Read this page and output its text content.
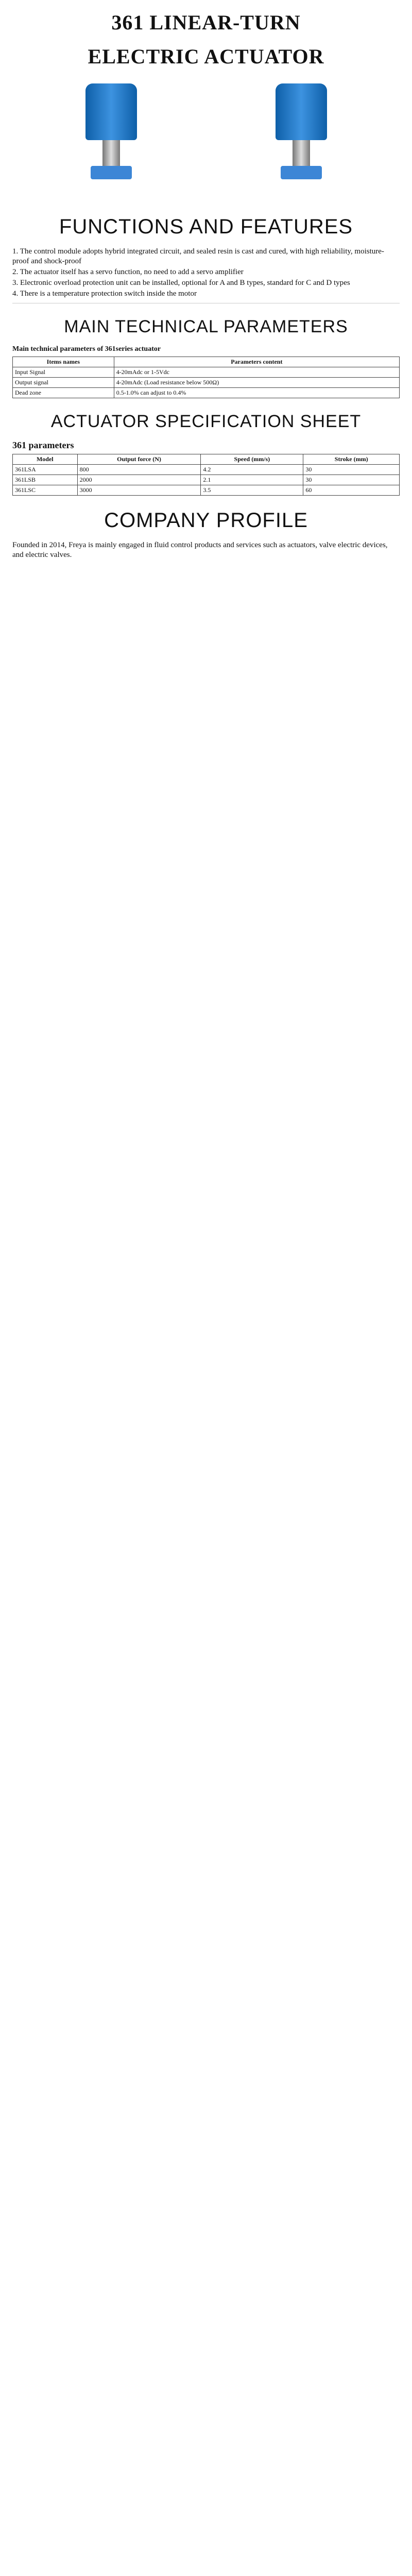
361 LINEAR-TURN
ELECTRIC ACTUATOR
FUNCTIONS AND FEATURES

1. The control module adopts hybrid integrated circuit, and sealed resin is cast and cured, with high reliability, moisture-proof and shock-proof

2. The actuator itself has a servo function, no need to add a servo amplifier

3. Electronic overload protection unit can be installed, optional for A and B types, standard for C and D types

4. There is a temperature protection switch inside the motor

MAIN TECHNICAL PARAMETERS
Main technical parameters of 361series actuator
Items names	Parameters content
Input Signal	4-20mAdc or 1-5Vdc
Output signal	4-20mAdc (Load resistance below 500Ω)
Dead zone	0.5-1.0% can adjust to 0.4%
ACTUATOR SPECIFICATION SHEET
361 parameters
Model	Output force (N)	Speed (mm/s)	Stroke (mm)
361LSA	800	4.2	30
361LSB	2000	2.1	30
361LSC	3000	3.5	60
COMPANY PROFILE

Founded in 2014, Freya is mainly engaged in fluid control products and services such as actuators, valve electric devices, and electric valves.
